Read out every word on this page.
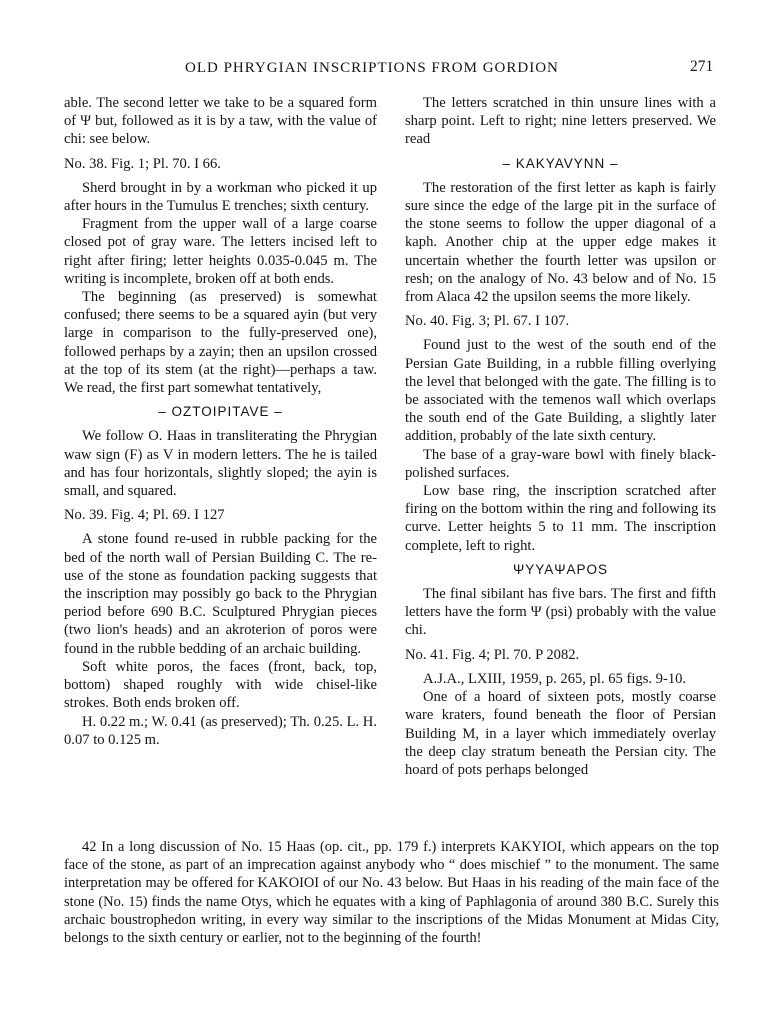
OLD PHRYGIAN INSCRIPTIONS FROM GORDION	271

able. The second letter we take to be a squared form of Ψ but, followed as it is by a taw, with the value of chi: see below.

No. 38. Fig. 1; Pl. 70. I 66.

Sherd brought in by a workman who picked it up after hours in the Tumulus E trenches; sixth century.

Fragment from the upper wall of a large coarse closed pot of gray ware. The letters incised left to right after firing; letter heights 0.035-0.045 m. The writing is incomplete, broken off at both ends.

The beginning (as preserved) is somewhat confused; there seems to be a squared ayin (but very large in comparison to the fully-preserved one), followed perhaps by a zayin; then an upsilon crossed at the top of its stem (at the right)—perhaps a taw. We read, the first part somewhat tentatively,

– OZTOIPITAVE –

We follow O. Haas in transliterating the Phrygian waw sign (F) as V in modern letters. The he is tailed and has four horizontals, slightly sloped; the ayin is small, and squared.

No. 39. Fig. 4; Pl. 69. I 127

A stone found re-used in rubble packing for the bed of the north wall of Persian Building C. The re-use of the stone as foundation packing suggests that the inscription may possibly go back to the Phrygian period before 690 B.C. Sculptured Phrygian pieces (two lion's heads) and an akroterion of poros were found in the rubble bedding of an archaic building.

Soft white poros, the faces (front, back, top, bottom) shaped roughly with wide chisel-like strokes. Both ends broken off.

H. 0.22 m.; W. 0.41 (as preserved); Th. 0.25. L. H. 0.07 to 0.125 m.

The letters scratched in thin unsure lines with a sharp point. Left to right; nine letters preserved. We read

– KAKYAVYNN –

The restoration of the first letter as kaph is fairly sure since the edge of the large pit in the surface of the stone seems to follow the upper diagonal of a kaph. Another chip at the upper edge makes it uncertain whether the fourth letter was upsilon or resh; on the analogy of No. 43 below and of No. 15 from Alaca 42 the upsilon seems the more likely.

No. 40. Fig. 3; Pl. 67. I 107.

Found just to the west of the south end of the Persian Gate Building, in a rubble filling overlying the level that belonged with the gate. The filling is to be associated with the temenos wall which overlaps the south end of the Gate Building, a slightly later addition, probably of the late sixth century.

The base of a gray-ware bowl with finely black-polished surfaces.

Low base ring, the inscription scratched after firing on the bottom within the ring and following its curve. Letter heights 5 to 11 mm. The inscription complete, left to right.

ΨΥΥΑΨΑΡΟS

The final sibilant has five bars. The first and fifth letters have the form Ψ (psi) probably with the value chi.

No. 41. Fig. 4; Pl. 70. P 2082.

A.J.A., LXIII, 1959, p. 265, pl. 65 figs. 9-10.

One of a hoard of sixteen pots, mostly coarse ware kraters, found beneath the floor of Persian Building M, in a layer which immediately overlay the deep clay stratum beneath the Persian city. The hoard of pots perhaps belonged

42 In a long discussion of No. 15 Haas (op. cit., pp. 179 f.) interprets KAKYIOI, which appears on the top face of the stone, as part of an imprecation against anybody who “ does mischief ” to the monument. The same interpretation may be offered for KAKOIOI of our No. 43 below. But Haas in his reading of the main face of the stone (No. 15) finds the name Otys, which he equates with a king of Paphlagonia of around 380 B.C. Surely this archaic boustrophedon writing, in every way similar to the inscriptions of the Midas Monument at Midas City, belongs to the sixth century or earlier, not to the beginning of the fourth!
